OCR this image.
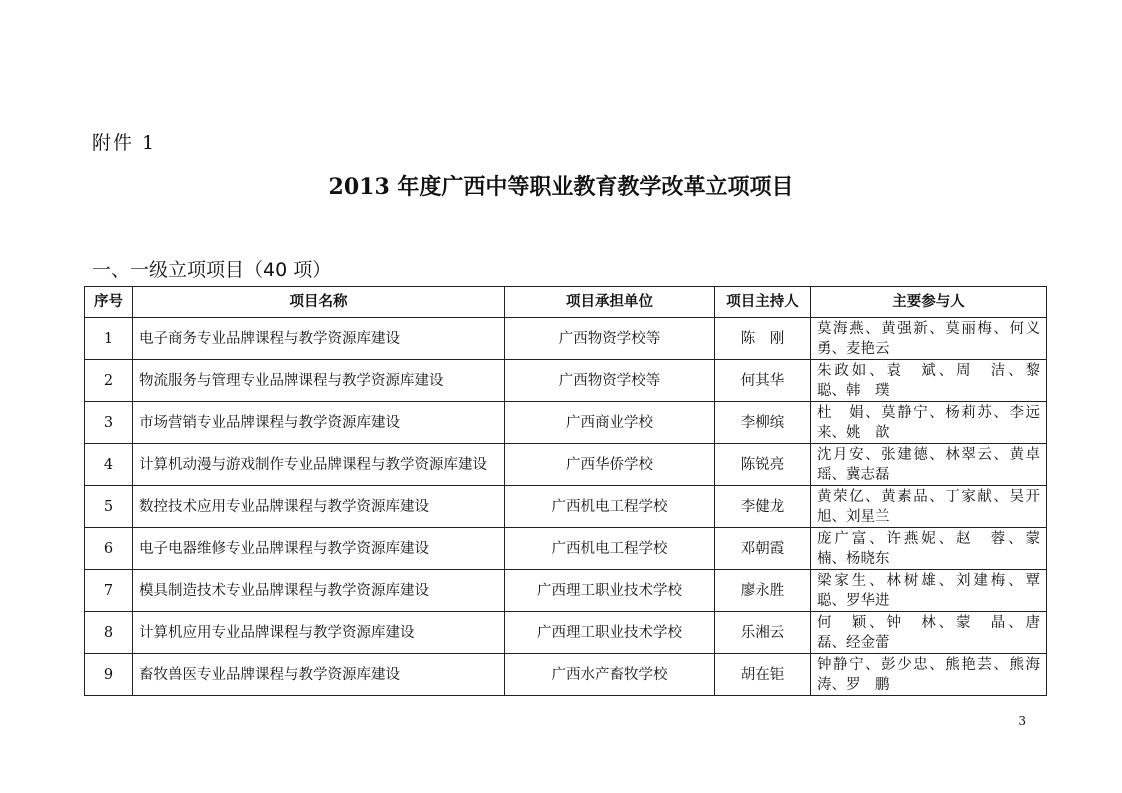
附件 1
2013 年度广西中等职业教育教学改革立项项目
一、一级立项项目（40 项）
序号	项目名称	项目承担单位	项目主持人	主要参与人
1	电子商务专业品牌课程与教学资源库建设	广西物资学校等	陈　刚	莫海燕、黄强新、莫丽梅、何义勇、麦艳云
2	物流服务与管理专业品牌课程与教学资源库建设	广西物资学校等	何其华	朱政如、袁　斌、周　洁、黎　聪、韩　璞
3	市场营销专业品牌课程与教学资源库建设	广西商业学校	李柳缤	杜　娟、莫静宁、杨莉苏、李远来、姚　歆
4	计算机动漫与游戏制作专业品牌课程与教学资源库建设	广西华侨学校	陈锐亮	沈月安、张建德、林翠云、黄卓瑶、冀志磊
5	数控技术应用专业品牌课程与教学资源库建设	广西机电工程学校	李健龙	黄荣亿、黄素品、丁家献、吴开旭、刘星兰
6	电子电器维修专业品牌课程与教学资源库建设	广西机电工程学校	邓朝霞	庞广富、许燕妮、赵　蓉、蒙　楠、杨晓东
7	模具制造技术专业品牌课程与教学资源库建设	广西理工职业技术学校	廖永胜	梁家生、林树雄、刘建梅、覃　聪、罗华进
8	计算机应用专业品牌课程与教学资源库建设	广西理工职业技术学校	乐湘云	何　颖、钟　林、蒙　晶、唐　磊、经金蕾
9	畜牧兽医专业品牌课程与教学资源库建设	广西水产畜牧学校	胡在钜	钟静宁、彭少忠、熊艳芸、熊海涛、罗　鹏
3
